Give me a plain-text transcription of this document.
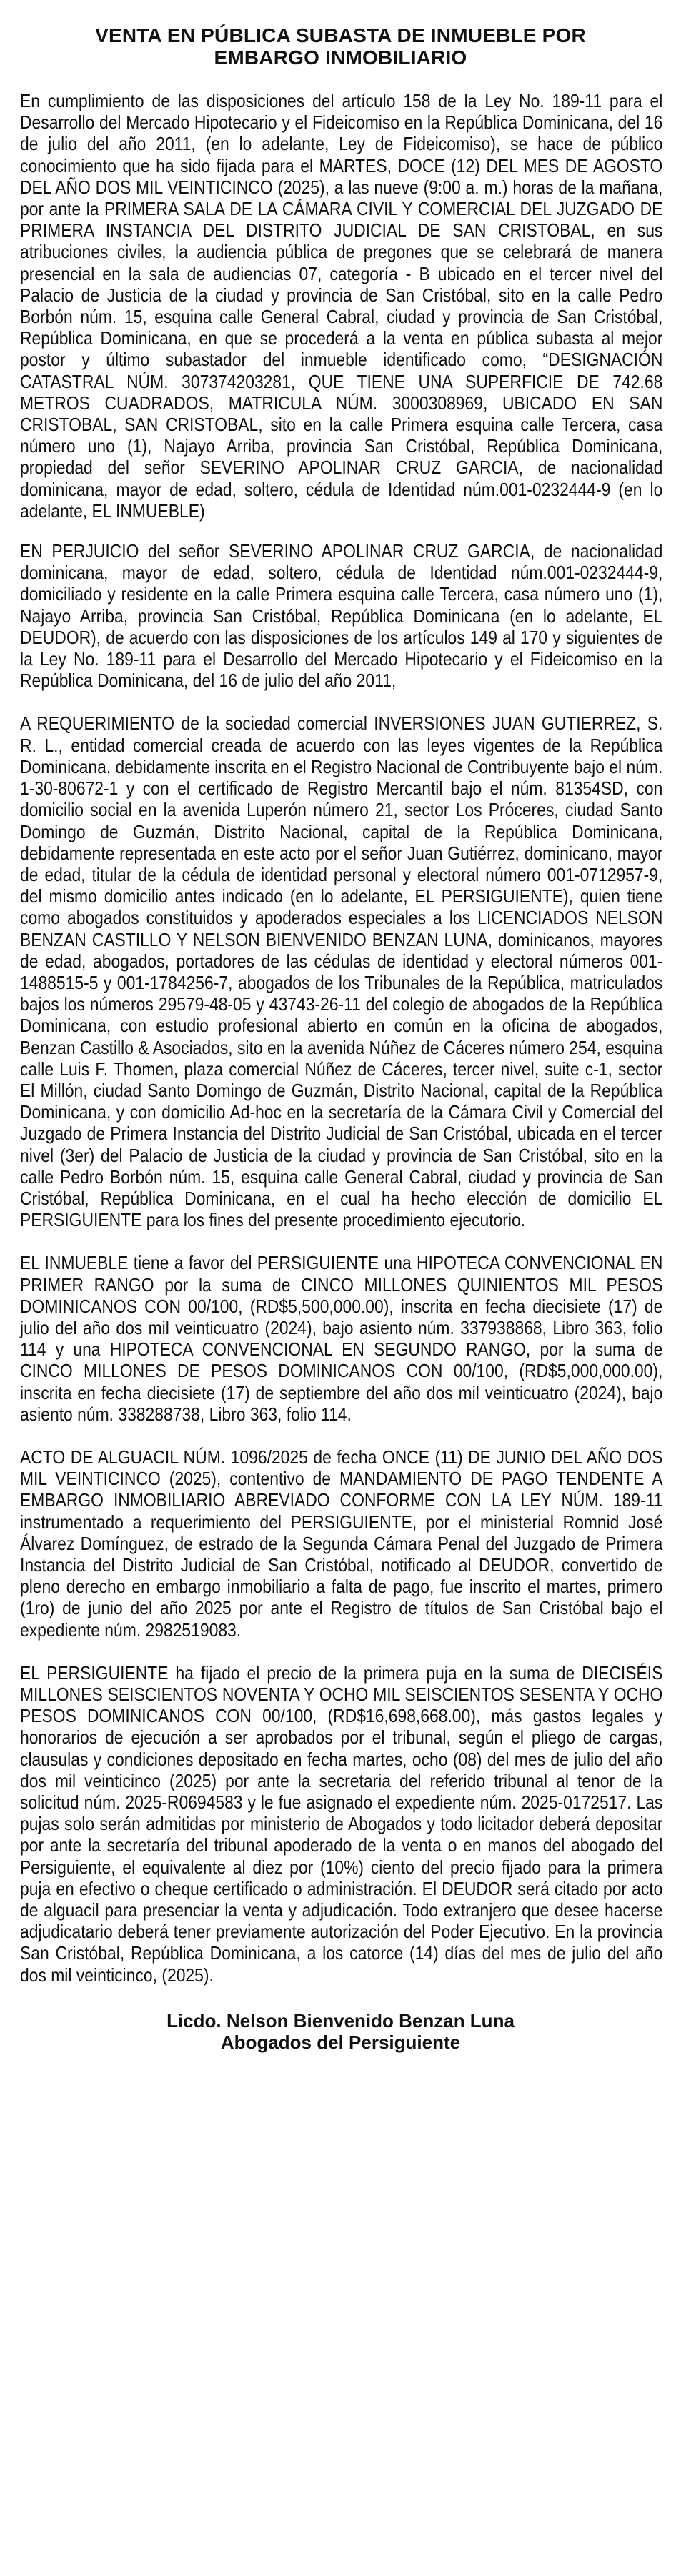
VENTA EN PÚBLICA SUBASTA DE INMUEBLE POR
EMBARGO INMOBILIARIO

En cumplimiento de las disposiciones del artículo 158 de la Ley No. 189-11 para el Desarrollo del Mercado Hipotecario y el Fideicomiso en la República Dominicana, del 16 de julio del año 2011, (en lo adelante, Ley de Fideicomiso), se hace de público conocimiento que ha sido fijada para el MARTES, DOCE (12) DEL MES DE AGOSTO DEL AÑO DOS MIL VEINTICINCO (2025), a las nueve (9:00 a. m.) horas de la mañana, por ante la PRIMERA SALA DE LA CÁMARA CIVIL Y COMERCIAL DEL JUZGADO DE PRIMERA INSTANCIA DEL DISTRITO JUDICIAL DE SAN CRISTOBAL, en sus atribuciones civiles, la audiencia pública de pregones que se celebrará de manera presencial en la sala de audiencias 07, categoría - B ubicado en el tercer nivel del Palacio de Justicia de la ciudad y provincia de San Cristóbal, sito en la calle Pedro Borbón núm. 15, esquina calle General Cabral, ciudad y provincia de San Cristóbal, República Dominicana, en que se procederá a la venta en pública subasta al mejor postor y último subastador del inmueble identificado como, “DESIGNACIÓN CATASTRAL NÚM. 307374203281, QUE TIENE UNA SUPERFICIE DE 742.68 METROS CUADRADOS, MATRICULA NÚM. 3000308969, UBICADO EN SAN CRISTOBAL, SAN CRISTOBAL, sito en la calle Primera esquina calle Tercera, casa número uno (1), Najayo Arriba, provincia San Cristóbal, República Dominicana, propiedad del señor SEVERINO APOLINAR CRUZ GARCIA, de nacionalidad dominicana, mayor de edad, soltero, cédula de Identidad núm.001-0232444-9 (en lo adelante, EL INMUEBLE)

EN PERJUICIO del señor SEVERINO APOLINAR CRUZ GARCIA, de nacionalidad dominicana, mayor de edad, soltero, cédula de Identidad núm.001-0232444-9, domiciliado y residente en la calle Primera esquina calle Tercera, casa número uno (1), Najayo Arriba, provincia San Cristóbal, República Dominicana (en lo adelante, EL DEUDOR), de acuerdo con las disposiciones de los artículos 149 al 170 y siguientes de la Ley No. 189-11 para el Desarrollo del Mercado Hipotecario y el Fideicomiso en la República Dominicana, del 16 de julio del año 2011,

A REQUERIMIENTO de la sociedad comercial INVERSIONES JUAN GUTIERREZ, S. R. L., entidad comercial creada de acuerdo con las leyes vigentes de la República Dominicana, debidamente inscrita en el Registro Nacional de Contribuyente bajo el núm. 1-30-80672-1 y con el certificado de Registro Mercantil bajo el núm. 81354SD, con domicilio social en la avenida Luperón número 21, sector Los Próceres, ciudad Santo Domingo de Guzmán, Distrito Nacional, capital de la República Dominicana, debidamente representada en este acto por el señor Juan Gutiérrez, dominicano, mayor de edad, titular de la cédula de identidad personal y electoral número 001-0712957-9, del mismo domicilio antes indicado (en lo adelante, EL PERSIGUIENTE), quien tiene como abogados constituidos y apoderados especiales a los LICENCIADOS NELSON BENZAN CASTILLO Y NELSON BIENVENIDO BENZAN LUNA, dominicanos, mayores de edad, abogados, portadores de las cédulas de identidad y electoral números 001-1488515-5 y 001-1784256-7, abogados de los Tribunales de la República, matriculados bajos los números 29579-48-05 y 43743-26-11 del colegio de abogados de la República Dominicana, con estudio profesional abierto en común en la oficina de abogados, Benzan Castillo & Asociados, sito en la avenida Núñez de Cáceres número 254, esquina calle Luis F. Thomen, plaza comercial Núñez de Cáceres, tercer nivel, suite c-1, sector El Millón, ciudad Santo Domingo de Guzmán, Distrito Nacional, capital de la República Dominicana, y con domicilio Ad-hoc en la secretaría de la Cámara Civil y Comercial del Juzgado de Primera Instancia del Distrito Judicial de San Cristóbal, ubicada en el tercer nivel (3er) del Palacio de Justicia de la ciudad y provincia de San Cristóbal, sito en la calle Pedro Borbón núm. 15, esquina calle General Cabral, ciudad y provincia de San Cristóbal, República Dominicana, en el cual ha hecho elección de domicilio EL PERSIGUIENTE para los fines del presente procedimiento ejecutorio.

EL INMUEBLE tiene a favor del PERSIGUIENTE una HIPOTECA CONVENCIONAL EN PRIMER RANGO por la suma de CINCO MILLONES QUINIENTOS MIL PESOS DOMINICANOS CON 00/100, (RD$5,500,000.00), inscrita en fecha diecisiete (17) de julio del año dos mil veinticuatro (2024), bajo asiento núm. 337938868, Libro 363, folio 114 y una HIPOTECA CONVENCIONAL EN SEGUNDO RANGO, por la suma de CINCO MILLONES DE PESOS DOMINICANOS CON 00/100, (RD$5,000,000.00), inscrita en fecha diecisiete (17) de septiembre del año dos mil veinticuatro (2024), bajo asiento núm. 338288738, Libro 363, folio 114.

ACTO DE ALGUACIL NÚM. 1096/2025 de fecha ONCE (11) DE JUNIO DEL AÑO DOS MIL VEINTICINCO (2025), contentivo de MANDAMIENTO DE PAGO TENDENTE A EMBARGO INMOBILIARIO ABREVIADO CONFORME CON LA LEY NÚM. 189-11 instrumentado a requerimiento del PERSIGUIENTE, por el ministerial Romnid José Álvarez Domínguez, de estrado de la Segunda Cámara Penal del Juzgado de Primera Instancia del Distrito Judicial de San Cristóbal, notificado al DEUDOR, convertido de pleno derecho en embargo inmobiliario a falta de pago, fue inscrito el martes, primero (1ro) de junio del año 2025 por ante el Registro de títulos de San Cristóbal bajo el expediente núm. 2982519083.

EL PERSIGUIENTE ha fijado el precio de la primera puja en la suma de DIECISÉIS MILLONES SEISCIENTOS NOVENTA Y OCHO MIL SEISCIENTOS SESENTA Y OCHO PESOS DOMINICANOS CON 00/100, (RD$16,698,668.00), más gastos legales y honorarios de ejecución a ser aprobados por el tribunal, según el pliego de cargas, clausulas y condiciones depositado en fecha martes, ocho (08) del mes de julio del año dos mil veinticinco (2025) por ante la secretaria del referido tribunal al tenor de la solicitud núm. 2025-R0694583 y le fue asignado el expediente núm. 2025-0172517. Las pujas solo serán admitidas por ministerio de Abogados y todo licitador deberá depositar por ante la secretaría del tribunal apoderado de la venta o en manos del abogado del Persiguiente, el equivalente al diez por (10%) ciento del precio fijado para la primera puja en efectivo o cheque certificado o administración. El DEUDOR será citado por acto de alguacil para presenciar la venta y adjudicación. Todo extranjero que desee hacerse adjudicatario deberá tener previamente autorización del Poder Ejecutivo. En la provincia San Cristóbal, República Dominicana, a los catorce (14) días del mes de julio del año dos mil veinticinco, (2025).

Licdo. Nelson Bienvenido Benzan Luna
Abogados del Persiguiente
